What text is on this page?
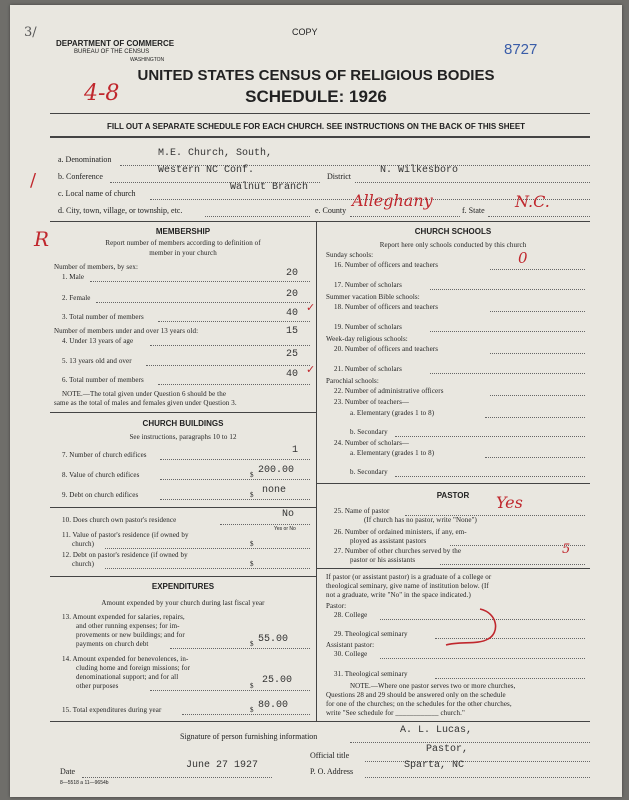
3/
DEPARTMENT OF COMMERCE
BUREAU OF THE CENSUS
WASHINGTON
COPY
8727
4-8
UNITED STATES CENSUS OF RELIGIOUS BODIES
SCHEDULE: 1926
FILL OUT A SEPARATE SCHEDULE FOR EACH CHURCH. SEE INSTRUCTIONS ON THE BACK OF THIS SHEET
/
R
a. Denomination
M.E. Church, South,
b. Conference
Western NC Conf.
District
N. Wilkesboro
c. Local name of church
Walnut Branch
d. City, town, village, or township, etc.	e. County
Alleghany
f. State N.C.
MEMBERSHIP
Report number of members according to definition of
member in your church
Number of members, by sex:
1. Male	20
2. Female	20
3. Total number of members	40 ✓
Number of members under and over 13 years old:
4. Under 13 years of age
15
5. 13 years old and over
25
6. Total number of members	40 ✓
NOTE.—The total given under Question 6 should be the
same as the total of males and females given under Question 3.
CHURCH BUILDINGS
See instructions, paragraphs 10 to 12
7. Number of church edifices	1
8. Value of church edifices	$ 200.00
9. Debt on church edifices	$ none
10. Does church own pastor's residence	No
Yes or No
11. Value of pastor's residence (if owned by
church)	$
12. Debt on pastor's residence (if owned by
church)	$
EXPENDITURES
Amount expended by your church during last fiscal year
13. Amount expended for salaries, repairs,
and other running expenses; for im-
provements or new buildings; and for
payments on church debt	$ 55.00
14. Amount expended for benevolences, in-
cluding home and foreign missions; for
denominational support; and for all
other purposes	$ 25.00
15. Total expenditures during year	$ 80.00
CHURCH SCHOOLS
Report here only schools conducted by this church
Sunday schools:
16. Number of officers and teachers	0
17. Number of scholars
Summer vacation Bible schools:
18. Number of officers and teachers
19. Number of scholars
Week-day religious schools:
20. Number of officers and teachers
21. Number of scholars
Parochial schools:
22. Number of administrative officers
23. Number of teachers—
a. Elementary (grades 1 to 8)
b. Secondary
24. Number of scholars—
a. Elementary (grades 1 to 8)
b. Secondary
PASTOR
25. Name of pastor	Yes
(If church has no pastor, write "None")
26. Number of ordained ministers, if any, em-
ployed as assistant pastors
27. Number of other churches served by the
pastor or his assistants
5
If pastor (or assistant pastor) is a graduate of a college or
theological seminary, give name of institution below. (If
not a graduate, write "No" in the space indicated.)
Pastor:
28. College
29. Theological seminary
Assistant pastor:
30. College
31. Theological seminary
NOTE.—Where one pastor serves two or more churches,
Questions 28 and 29 should be answered only on the schedule
for one of the churches; on the schedules for the other churches,
write "See schedule for ____________ church."
Signature of person furnishing information
A. L. Lucas,
Official title
Pastor,
Date
June 27 1927
P. O. Address
Sparta, NC
8—5518 a 11—9654b
